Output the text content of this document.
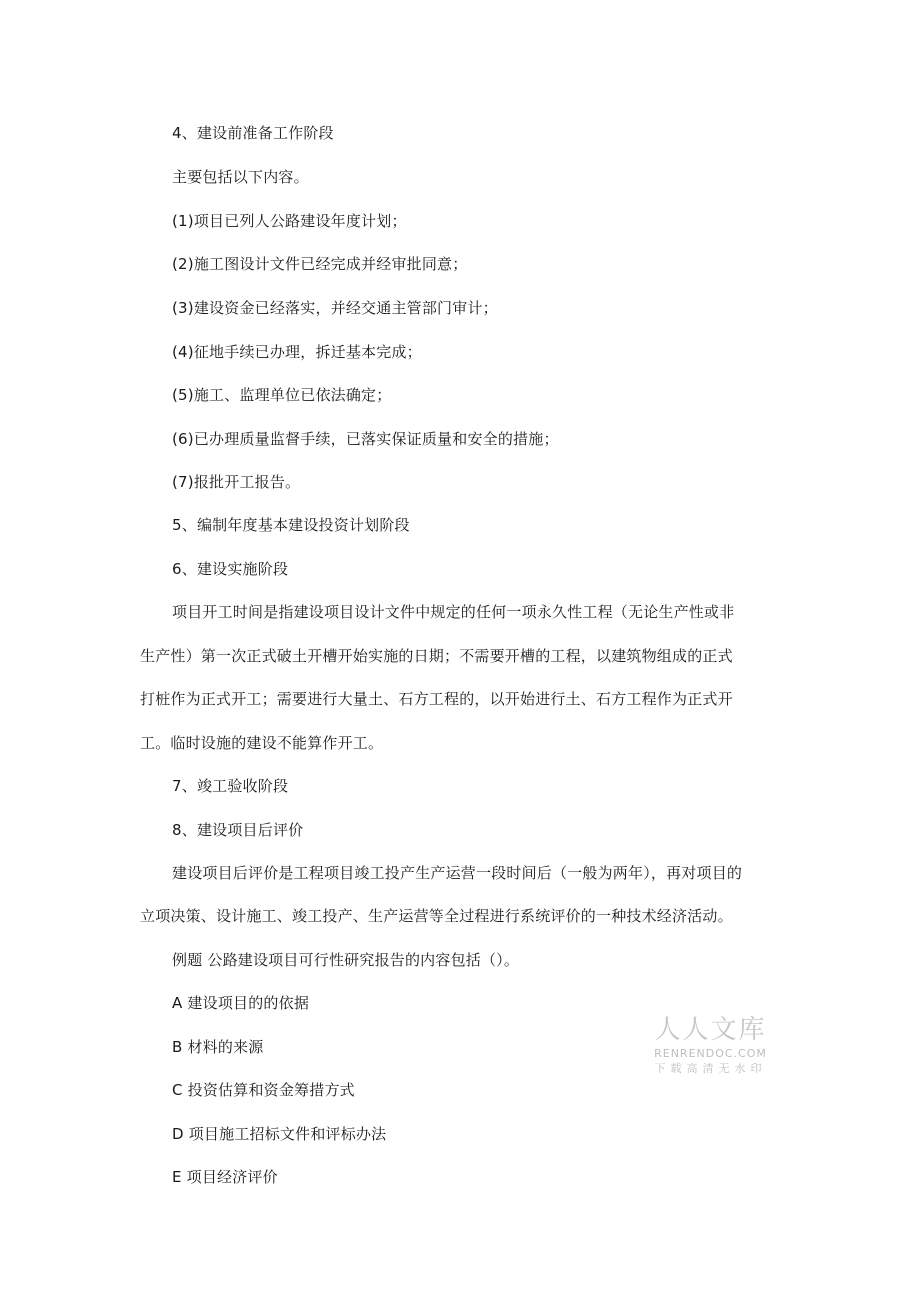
4、建设前准备工作阶段
主要包括以下内容。
(1)项目已列人公路建设年度计划；
(2)施工图设计文件已经完成并经审批同意；
(3)建设资金已经落实，并经交通主管部门审计；
(4)征地手续已办理，拆迁基本完成；
(5)施工、监理单位已依法确定；
(6)已办理质量监督手续，已落实保证质量和安全的措施；
(7)报批开工报告。
5、编制年度基本建设投资计划阶段
6、建设实施阶段
项目开工时间是指建设项目设计文件中规定的任何一项永久性工程（无论生产性或非
生产性）第一次正式破土开槽开始实施的日期；不需要开槽的工程，以建筑物组成的正式
打桩作为正式开工；需要进行大量土、石方工程的，以开始进行土、石方工程作为正式开
工。临时设施的建设不能算作开工。
7、竣工验收阶段
8、建设项目后评价
建设项目后评价是工程项目竣工投产生产运营一段时间后（一般为两年），再对项目的
立项决策、设计施工、竣工投产、生产运营等全过程进行系统评价的一种技术经济活动。
例题 公路建设项目可行性研究报告的内容包括（）。
A 建设项目的的依据
B 材料的来源
C 投资估算和资金筹措方式
D 项目施工招标文件和评标办法
E 项目经济评价
人人文库
RENRENDOC.COM
下载高清无水印
